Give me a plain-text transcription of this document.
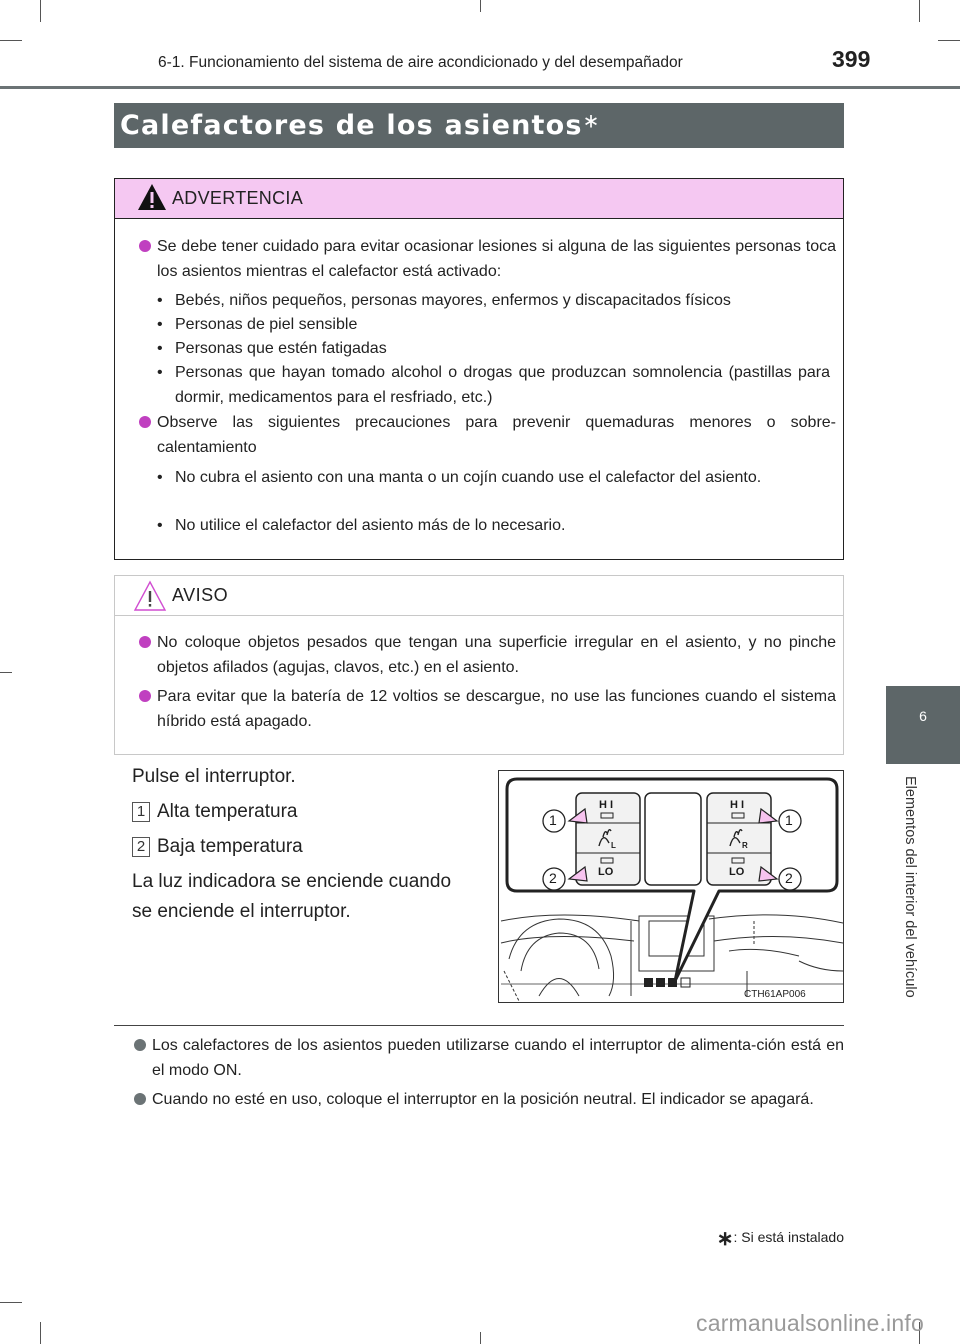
6-1. Funcionamiento del sistema de aire acondicionado y del desempañador	399
6
Elementos del interior del vehículo
Calefactores de los asientos∗
ADVERTENCIA
Se debe tener cuidado para evitar ocasionar lesiones si alguna de las siguientes personas toca los asientos mientras el calefactor está activado:
• Bebés, niños pequeños, personas mayores, enfermos y discapacitados físicos
• Personas de piel sensible
• Personas que estén fatigadas
• Personas que hayan tomado alcohol o drogas que produzcan somnolencia (pastillas para dormir, medicamentos para el resfriado, etc.)
Observe las siguientes precauciones para prevenir quemaduras menores o sobre-calentamiento
• No cubra el asiento con una manta o un cojín cuando use el calefactor del asiento.
• No utilice el calefactor del asiento más de lo necesario.
AVISO
No coloque objetos pesados que tengan una superficie irregular en el asiento, y no pinche objetos afilados (agujas, clavos, etc.) en el asiento.
Para evitar que la batería de 12 voltios se descargue, no use las funciones cuando el sistema híbrido está apagado.
Pulse el interruptor.
1 Alta temperatura
2 Baja temperatura
La luz indicadora se enciende cuando
se enciende el interruptor.
H I
LO
L
H I
LO
R
1
2
1
2
CTH61AP006
Los calefactores de los asientos pueden utilizarse cuando el interruptor de alimenta-ción está en el modo ON.
Cuando no esté en uso, coloque el interruptor en la posición neutral. El indicador se apagará.
∗: Si está instalado
carmanualsonline.info
